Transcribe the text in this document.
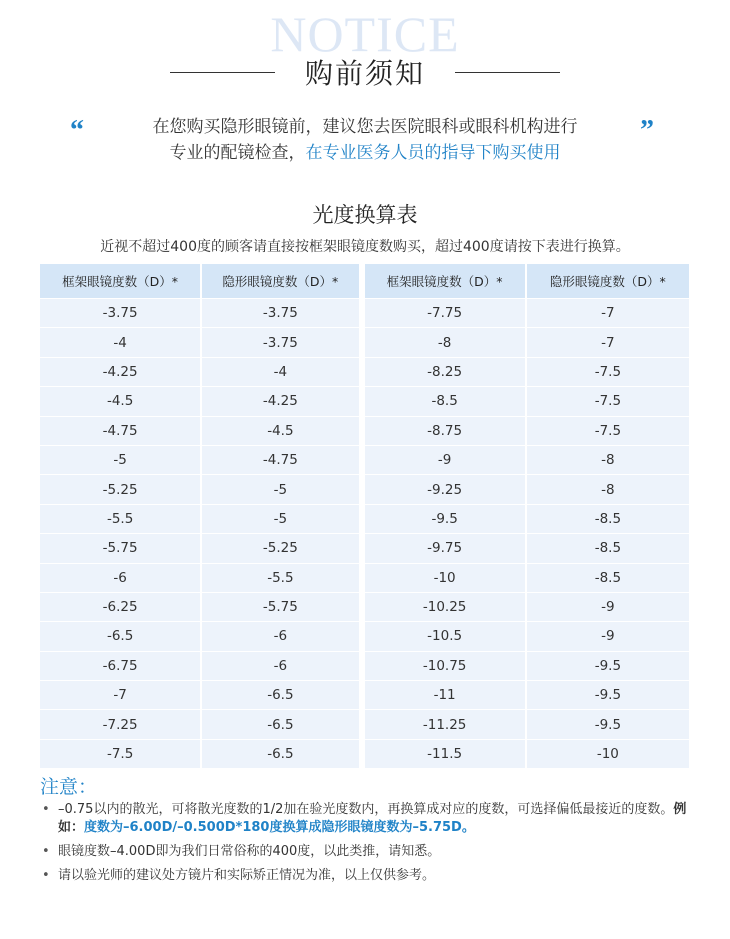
NOTICE
购前须知
“	”
在您购买隐形眼镜前，建议您去医院眼科或眼科机构进行
专业的配镜检查，在专业医务人员的指导下购买使用
光度换算表
近视不超过400度的顾客请直接按框架眼镜度数购买，超过400度请按下表进行换算。
框架眼镜度数（D）*	隐形眼镜度数（D）*	框架眼镜度数（D）*	隐形眼镜度数（D）*
-3.75	-3.75	-7.75	-7
-4	-3.75	-8	-7
-4.25	-4	-8.25	-7.5
-4.5	-4.25	-8.5	-7.5
-4.75	-4.5	-8.75	-7.5
-5	-4.75	-9	-8
-5.25	-5	-9.25	-8
-5.5	-5	-9.5	-8.5
-5.75	-5.25	-9.75	-8.5
-6	-5.5	-10	-8.5
-6.25	-5.75	-10.25	-9
-6.5	-6	-10.5	-9
-6.75	-6	-10.75	-9.5
-7	-6.5	-11	-9.5
-7.25	-6.5	-11.25	-9.5
-7.5	-6.5	-11.5	-10
注意：
• –0.75以内的散光，可将散光度数的1/2加在验光度数内，再换算成对应的度数，可选择偏低最接近的度数。例如：度数为–6.00D/–0.500D*180度换算成隐形眼镜度数为–5.75D。
• 眼镜度数–4.00D即为我们日常俗称的400度，以此类推，请知悉。
• 请以验光师的建议处方镜片和实际矫正情况为准，以上仅供参考。
